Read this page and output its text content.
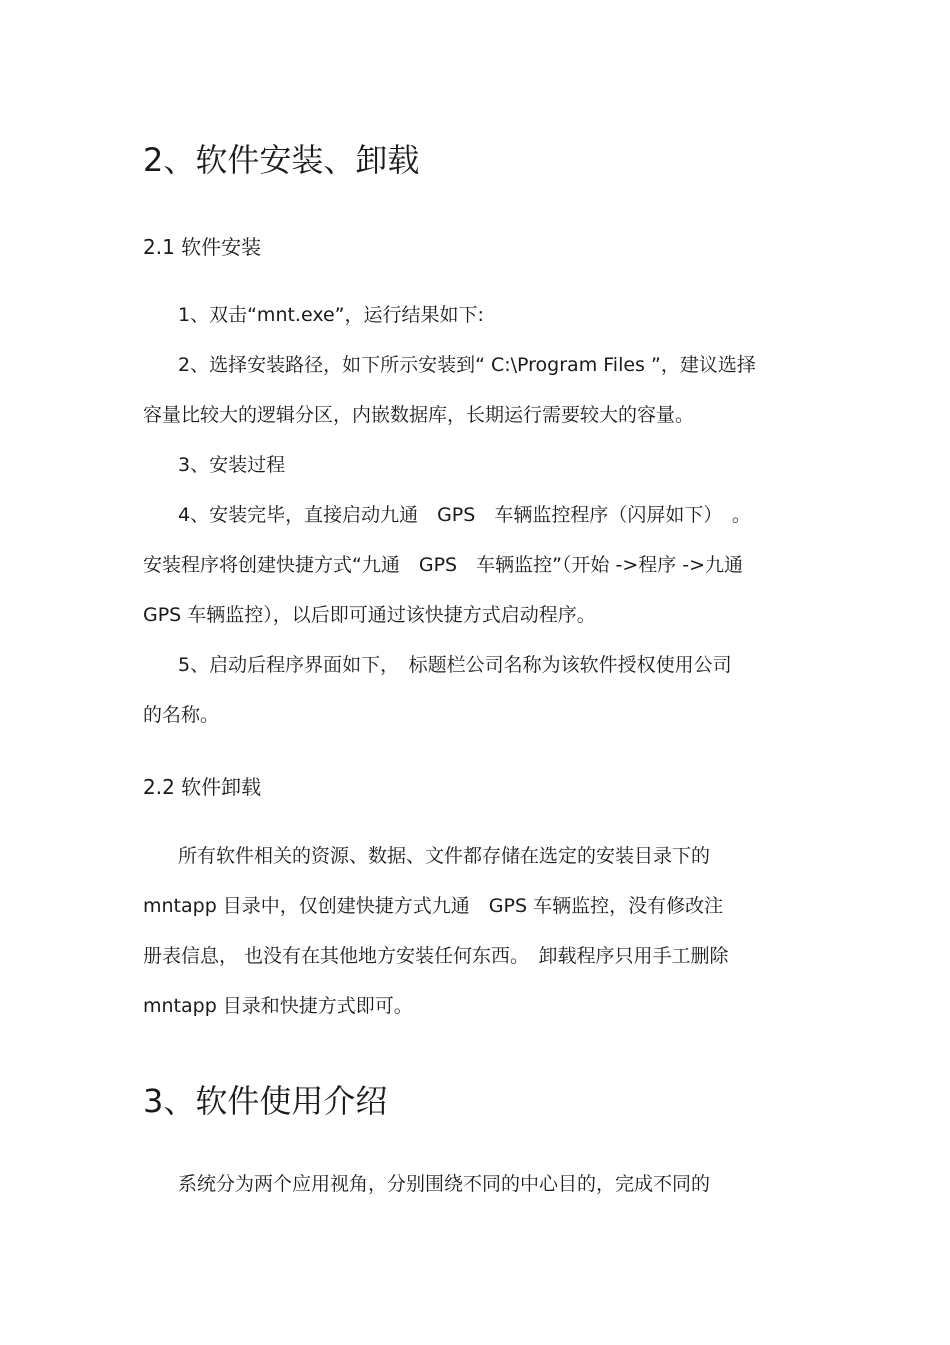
2、软件安装、卸载
2.1 软件安装

1、双击“mnt.exe”，运行结果如下:

2、选择安装路径，如下所示安装到“ C:\Program Files ”，建议选择

容量比较大的逻辑分区，内嵌数据库，长期运行需要较大的容量。

3、安装过程

4、安装完毕，直接启动九通　GPS　车辆监控程序（闪屏如下）　。

安装程序将创建快捷方式“九通　GPS　车辆监控”（开始 ->程序 ->九通

GPS 车辆监控），以后即可通过该快捷方式启动程序。

5、启动后程序界面如下，　标题栏公司名称为该软件授权使用公司

的名称。

2.2 软件卸载

所有软件相关的资源、数据、文件都存储在选定的安装目录下的

mntapp 目录中，仅创建快捷方式九通　GPS 车辆监控，没有修改注

册表信息， 也没有在其他地方安装任何东西。　卸载程序只用手工删除

mntapp 目录和快捷方式即可。

3、软件使用介绍

系统分为两个应用视角，分别围绕不同的中心目的，完成不同的
